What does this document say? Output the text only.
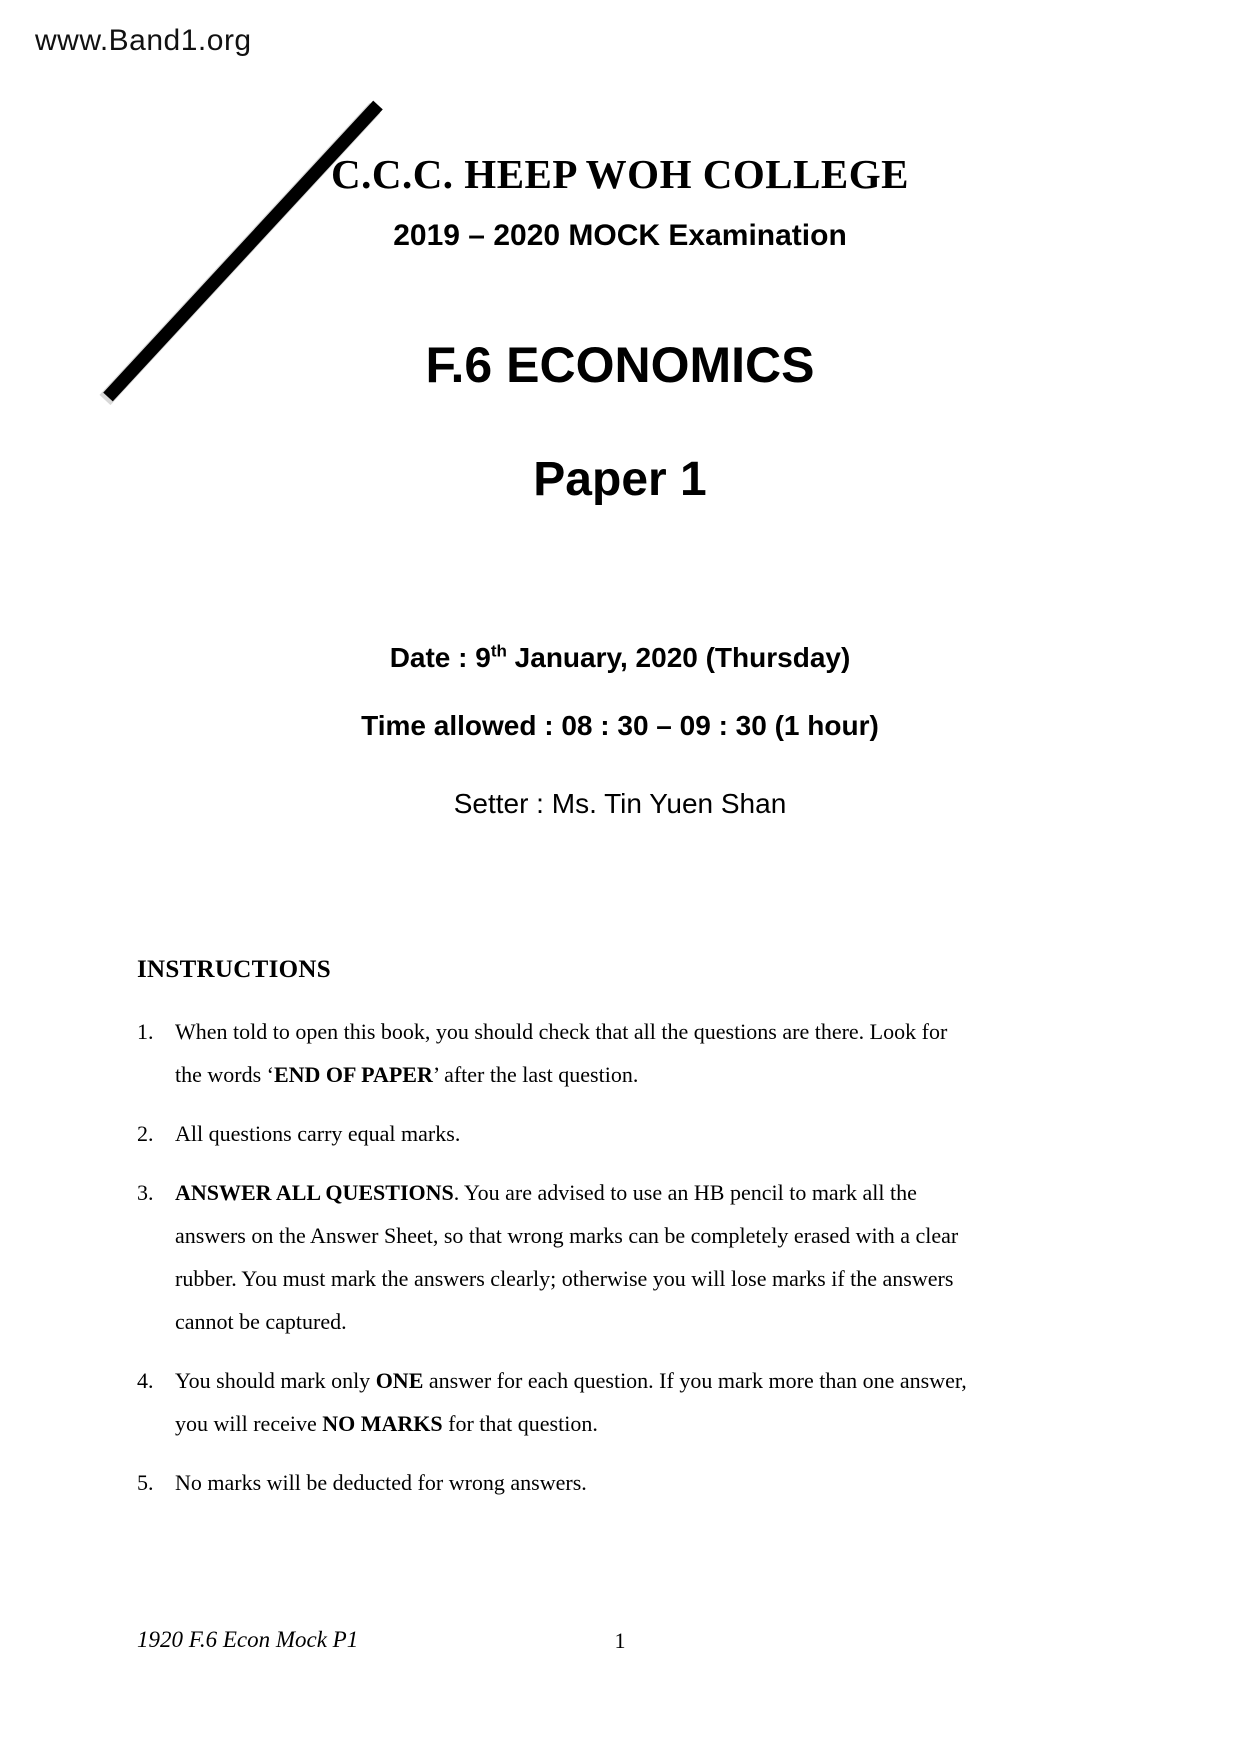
www.Band1.org
C.C.C. HEEP WOH COLLEGE
2019 – 2020 MOCK Examination
F.6 ECONOMICS
Paper 1
Date : 9th January, 2020 (Thursday)
Time allowed : 08 : 30 – 09 : 30 (1 hour)
Setter : Ms. Tin Yuen Shan
INSTRUCTIONS
1. When told to open this book, you should check that all the questions are there. Look for
the words ‘END OF PAPER’ after the last question.
2. All questions carry equal marks.
3. ANSWER ALL QUESTIONS. You are advised to use an HB pencil to mark all the
answers on the Answer Sheet, so that wrong marks can be completely erased with a clear
rubber. You must mark the answers clearly; otherwise you will lose marks if the answers
cannot be captured.
4. You should mark only ONE answer for each question. If you mark more than one answer,
you will receive NO MARKS for that question.
5. No marks will be deducted for wrong answers.
1920 F.6 Econ Mock P1	1
